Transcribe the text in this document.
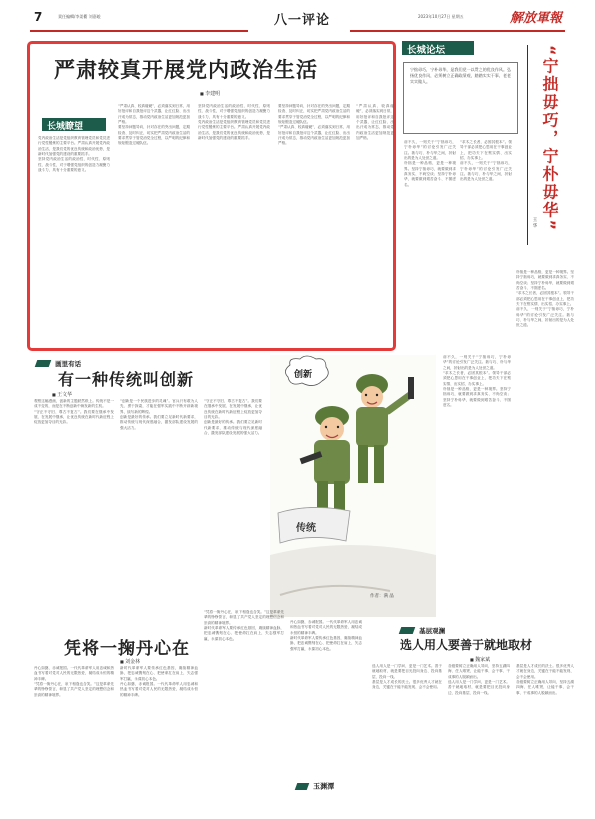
7	責任編輯/李姜衢 刘嘉峻	八一评论	2023年10月27日 星期五	解放軍報
严肃较真开展党内政治生活
■ 李建明
长城瞭望

党内政治生活是党组织教育管理党员和党员进行党性锻炼的主要平台。严肃认真开展党内政治生活，是我们党的优良传统和政治优势，是新时代加强党的建设的重要抓手。

坚持党内政治生活的政治性、时代性、原则性、战斗性，对于增强党组织的创造力凝聚力战斗力，具有十分重要的意义。

“严肃认真、较真碰硬”，必须落实到日常，用好批评和自我批评这个武器，让红红脸、出出汗成为常态，推动党内政治生活更加规范更加严格。

要坚持问题导向，针对存在的突出问题，定期检查、及时纠正，切实把严肃党内政治生活的要求贯穿于管党治党全过程，以严明的纪律和规矩锻造过硬队伍。

坚持党内政治生活的政治性、时代性、原则性、战斗性，对于增强党组织的创造力凝聚力战斗力，具有十分重要的意义。

党内政治生活是党组织教育管理党员和党员进行党性锻炼的主要平台。严肃认真开展党内政治生活，是我们党的优良传统和政治优势，是新时代加强党的建设的重要抓手。

要坚持问题导向，针对存在的突出问题，定期检查、及时纠正，切实把严肃党内政治生活的要求贯穿于管党治党全过程，以严明的纪律和规矩锻造过硬队伍。

“严肃认真、较真碰硬”，必须落实到日常，用好批评和自我批评这个武器，让红红脸、出出汗成为常态，推动党内政治生活更加规范更加严格。

“严肃认真、较真碰硬”，必须落实到日常，用好批评和自我批评这个武器，让红红脸、出出汗成为常态，推动党内政治生活更加规范更加严格。

画里有话
有一种传统叫创新
■ 王文华

观察这幅漫画，创新的主题跃然纸上。传统不是一成不变的，而是在不断创新中焕发新的生机。

“守正不守旧、尊古不复古”。我们要在继承中发展、在发展中继承，让优良传统在新时代新征程上绽放更加夺目的光彩。

“创新是一个民族进步的灵魂”。官兵只有敢为人先、勇于探索，才能在强军实践中不断开辟新境界，续写新的辉煌。

创新是最好的传承。我们要立足新时代新要求，推动传统与现代深度融合，激发部队建设发展的强大活力。

“守正不守旧、尊古不复古”。我们要在继承中发展、在发展中继承，让优良传统在新时代新征程上绽放更加夺目的光彩。

创新是最好的传承。我们要立足新时代新要求，推动传统与现代深度融合，激发部队建设发展的强大活力。

创新
传统
作者：满 晶
长城论坛

宁拙毋巧，宁朴毋华，是我们党一以贯之的优良作风。弘扬优良作风，必须树立正确政绩观，踏踏实实干事、老老实实做人。

前不久，一则关于“宁拙毋巧，宁朴毋华”的讨论引发广泛关注。拙与巧、朴与华之间，折射出的是为人处世之道。

朴拙是一种品格，更是一种境界。坚持宁拙毋巧，就要做到求真务实、不尚空谈；坚持宁朴毋华，就要做到艰苦奋斗、不图虚名。

“求木之长者，必固其根本”。领导干部必须把心思用在干事创业上，把功夫下在察实情、出实招、办实事上。

前不久，一则关于“宁拙毋巧，宁朴毋华”的讨论引发广泛关注。拙与巧、朴与华之间，折射出的是为人处世之道。	“宁拙毋巧，宁朴毋华”
王 华

朴拙是一种品格，更是一种境界。坚持宁拙毋巧，就要做到求真务实、不尚空谈；坚持宁朴毋华，就要做到艰苦奋斗、不图虚名。

“求木之长者，必固其根本”。领导干部必须把心思用在干事创业上，把功夫下在察实情、出实招、办实事上。

前不久，一则关于“宁拙毋巧，宁朴毋华”的讨论引发广泛关注。拙与巧、朴与华之间，折射出的是为人处世之道。

前不久，一则关于“宁拙毋巧，宁朴毋华”的讨论引发广泛关注。拙与巧、朴与华之间，折射出的是为人处世之道。

“求木之长者，必固其根本”。领导干部必须把心思用在干事创业上，把功夫下在察实情、出实招、办实事上。

朴拙是一种品格，更是一种境界。坚持宁拙毋巧，就要做到求真务实、不尚空谈；坚持宁朴毋华，就要做到艰苦奋斗、不图虚名。

凭将一掬丹心在
■ 刘金林

丹心如磐，赤诚报国。一代代革命军人用忠诚和热血书写着对党对人民的无限热爱，凝结成永恒的精神丰碑。

“凭将一掬丹心在，泉下相逢也含笑。”这是革命先辈的铮铮誓言，彰显了共产党人坚定的理想信念和崇高的精神境界。

新时代革命军人要传承红色基因，赓续精神血脉，把忠诚镌刻在心、把使命扛在肩上，矢志强军打赢，永葆初心本色。

丹心如磐，赤诚报国。一代代革命军人用忠诚和热血书写着对党对人民的无限热爱，凝结成永恒的精神丰碑。

“凭将一掬丹心在，泉下相逢也含笑。”这是革命先辈的铮铮誓言，彰显了共产党人坚定的理想信念和崇高的精神境界。

新时代革命军人要传承红色基因，赓续精神血脉，把忠诚镌刻在心、把使命扛在肩上，矢志强军打赢，永葆初心本色。

丹心如磐，赤诚报国。一代代革命军人用忠诚和热血书写着对党对人民的无限热爱，凝结成永恒的精神丰碑。

新时代革命军人要传承红色基因，赓续精神血脉，把忠诚镌刻在心、把使命扛在肩上，矢志强军打赢，永葆初心本色。

玉渊潭
基层观澜
选人用人要善于就地取材
■ 魏家斌

选人用人是一门学问，更是一门艺术。善于就地取材，就是要把目光投向身边、投向基层、投向一线。

基层是人才成长的沃土。很多优秀人才就在身边，关键在于能不能发现、会不会使用。

各级要树立正确用人导向，坚持五湖四海、任人唯贤，让能干事、会干事、干成事的人脱颖而出。

选人用人是一门学问，更是一门艺术。善于就地取材，就是要把目光投向身边、投向基层、投向一线。

基层是人才成长的沃土。很多优秀人才就在身边，关键在于能不能发现、会不会使用。

各级要树立正确用人导向，坚持五湖四海、任人唯贤，让能干事、会干事、干成事的人脱颖而出。
